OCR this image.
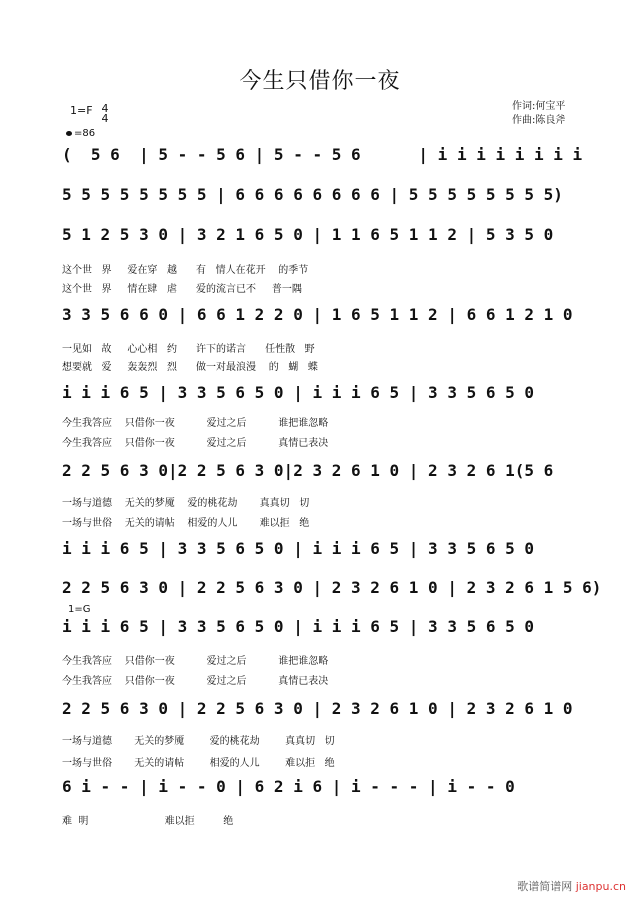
今生只借你一夜
作词:何宝平
作曲:陈良斧
1=F 4
4
=86
(  5 6  | 5 - - 5 6 | 5 - - 5 6      | i i i i i i i i
5 5 5 5 5 5 5 5 | 6 6 6 6 6 6 6 6 | 5 5 5 5 5 5 5 5)
5 1 2 5 3 0 | 3 2 1 6 5 0 | 1 1 6 5 1 1 2 | 5 3 5 0
这个世   界     爱在穿   越      有   情人在花开    的季节
这个世   界     情在肆   虐      爱的流言已不     普一隅
3 3 5 6 6 0 | 6 6 1 2 2 0 | 1 6 5 1 1 2 | 6 6 1 2 1 0
一见如   故     心心相   约      许下的诺言      任性散   野
想要就   爱     轰轰烈   烈      做一对最浪漫    的   蝴   蝶
i i i 6 5 | 3 3 5 6 5 0 | i i i 6 5 | 3 3 5 6 5 0
今生我答应    只借你一夜          爱过之后          谁把谁忽略
今生我答应    只借你一夜          爱过之后          真情已表决
2 2 5 6 3 0|2 2 5 6 3 0|2 3 2 6 1 0 | 2 3 2 6 1(5 6
一场与道德    无关的梦魇    爱的桃花劫       真真切   切
一场与世俗    无关的请帖    相爱的人儿       难以拒   绝
i i i 6 5 | 3 3 5 6 5 0 | i i i 6 5 | 3 3 5 6 5 0
2 2 5 6 3 0 | 2 2 5 6 3 0 | 2 3 2 6 1 0 | 2 3 2 6 1 5 6)
1=G
i i i 6 5 | 3 3 5 6 5 0 | i i i 6 5 | 3 3 5 6 5 0
今生我答应    只借你一夜          爱过之后          谁把谁忽略
今生我答应    只借你一夜          爱过之后          真情已表决
2 2 5 6 3 0 | 2 2 5 6 3 0 | 2 3 2 6 1 0 | 2 3 2 6 1 0
一场与道德       无关的梦魇        爱的桃花劫        真真切   切
一场与世俗       无关的请帖        相爱的人儿        难以拒   绝
6 i - - | i - - 0 | 6 2 i 6 | i - - - | i - - 0
难  明                        难以拒         绝
歌谱简谱网 jianpu.cn
